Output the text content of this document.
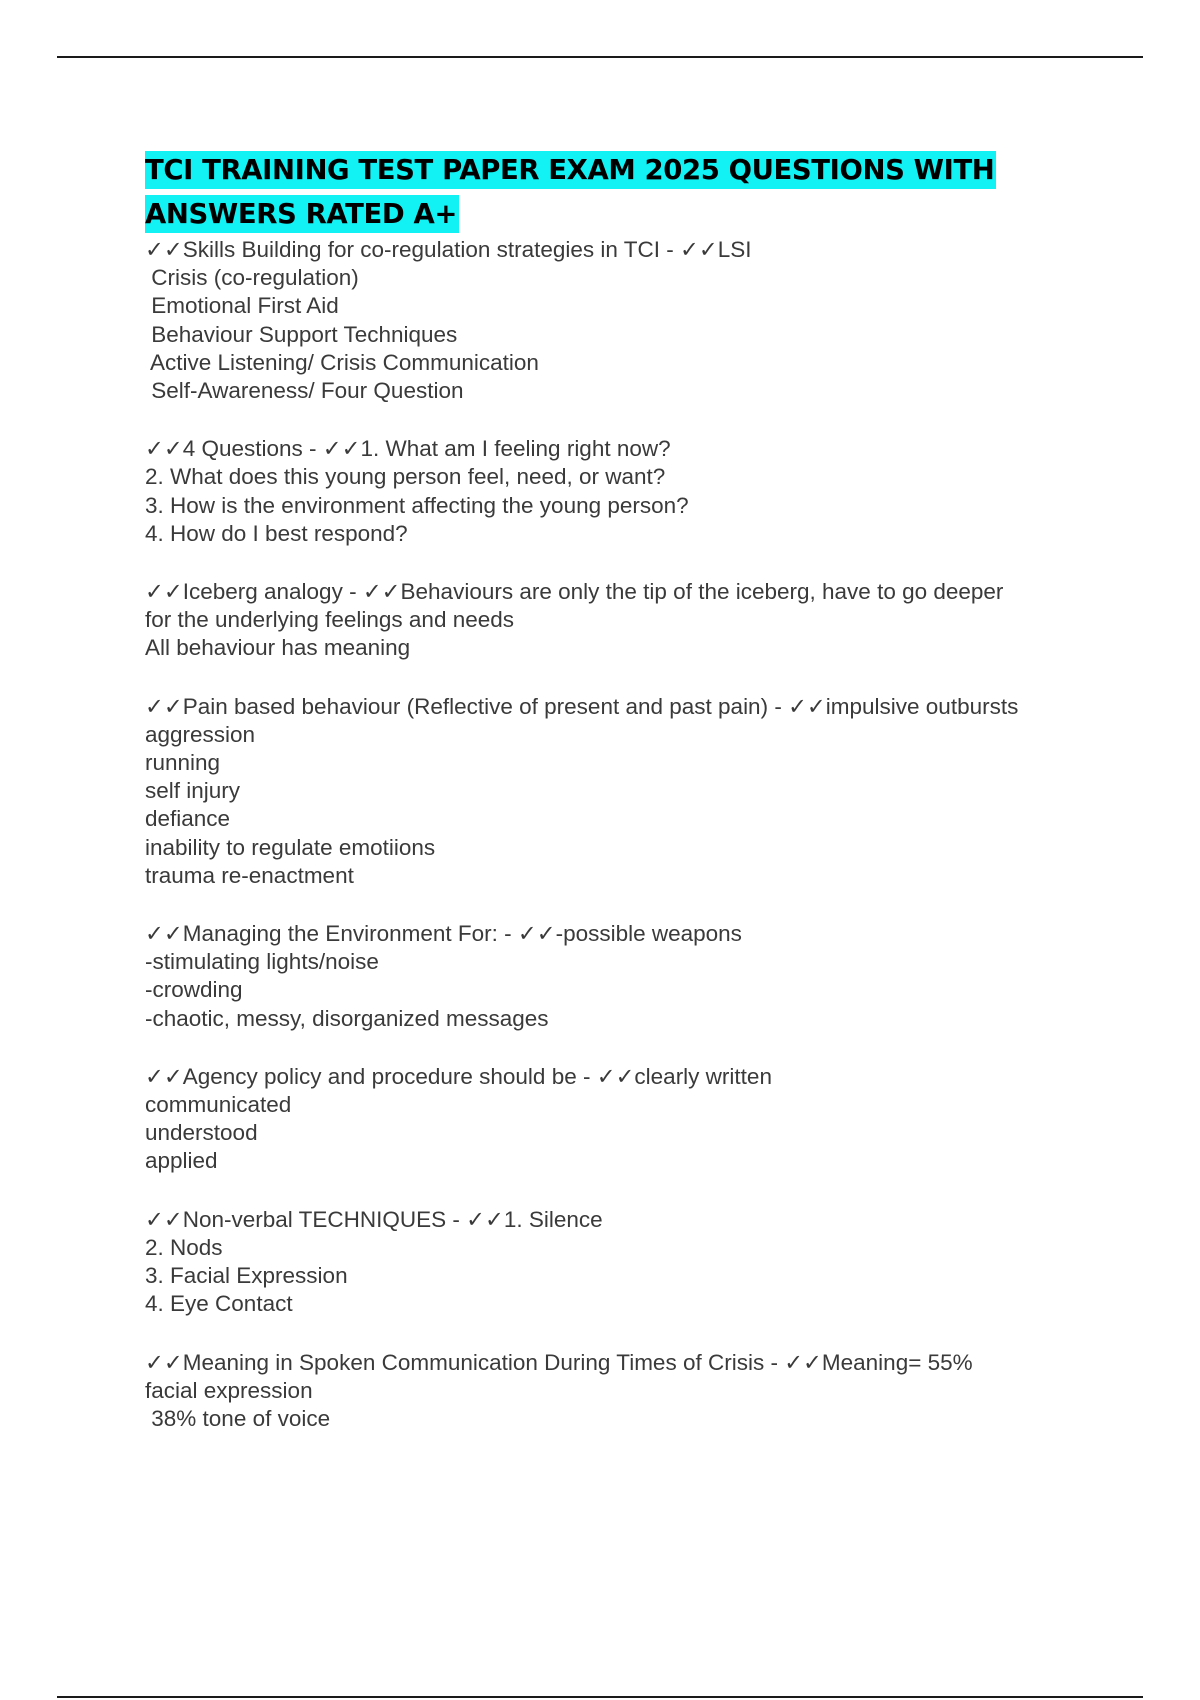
TCI TRAINING TEST PAPER EXAM 2025 QUESTIONS WITH ANSWERS RATED A+
✓✓Skills Building for co-regulation strategies in TCI - ✓✓LSI
Crisis (co-regulation)
Emotional First Aid
Behaviour Support Techniques
Active Listening/ Crisis Communication
Self-Awareness/ Four Question
✓✓4 Questions - ✓✓1. What am I feeling right now?
2. What does this young person feel, need, or want?
3. How is the environment affecting the young person?
4. How do I best respond?
✓✓Iceberg analogy - ✓✓Behaviours are only the tip of the iceberg, have to go deeper
for the underlying feelings and needs
All behaviour has meaning
✓✓Pain based behaviour (Reflective of present and past pain) - ✓✓impulsive outbursts
aggression
running
self injury
defiance
inability to regulate emotiions
trauma re-enactment
✓✓Managing the Environment For: - ✓✓-possible weapons
-stimulating lights/noise
-crowding
-chaotic, messy, disorganized messages
✓✓Agency policy and procedure should be - ✓✓clearly written
communicated
understood
applied
✓✓Non-verbal TECHNIQUES - ✓✓1. Silence
2. Nods
3. Facial Expression
4. Eye Contact
✓✓Meaning in Spoken Communication During Times of Crisis - ✓✓Meaning= 55%
facial expression
38% tone of voice
